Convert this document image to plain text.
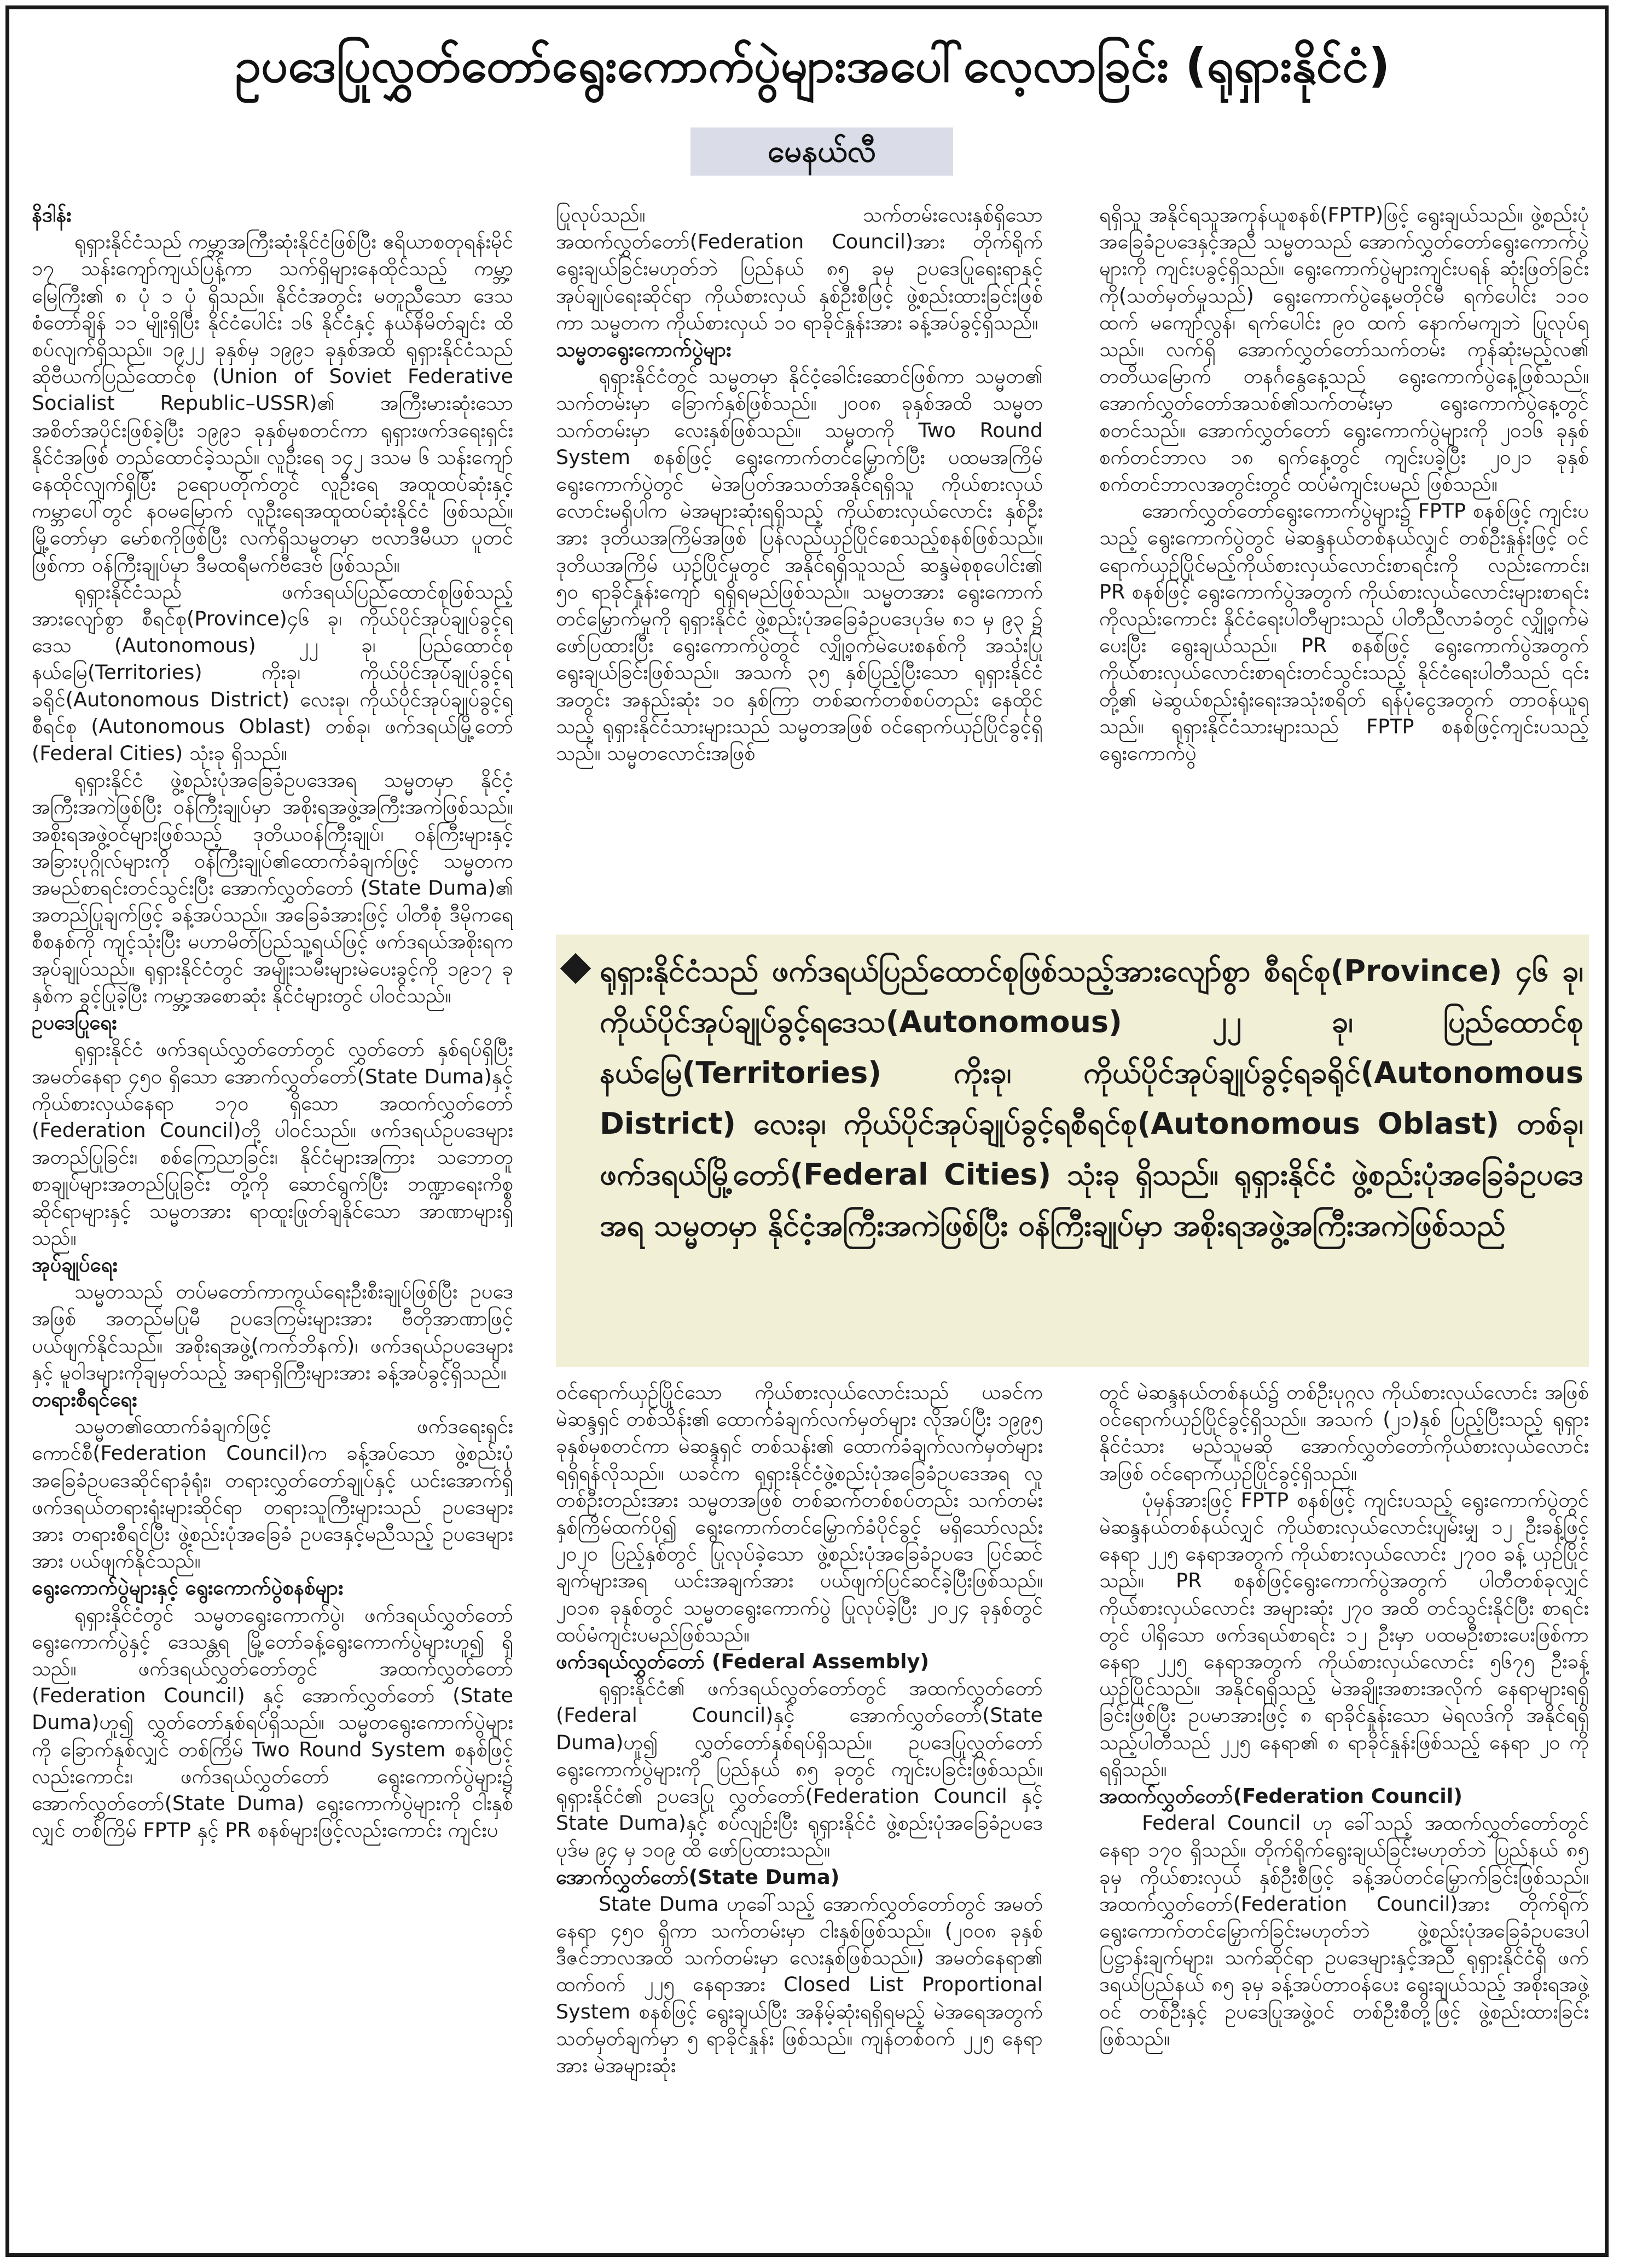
ဥပဒေပြုလွှတ်တော်ရွေးကောက်ပွဲများအပေါ်လေ့လာခြင်း (ရုရှားနိုင်ငံ)
မေနယ်လီ
နိဒါန်း

ရုရှားနိုင်ငံသည် ကမ္ဘာ့အကြီးဆုံးနိုင်ငံဖြစ်ပြီး ဧရိယာစတုရန်းမိုင် ၁၇ သန်းကျော်ကျယ်ပြန့်ကာ သက်ရှိများနေထိုင်သည့် ကမ္ဘာ့မြေကြီး၏ ၈ ပုံ ၁ ပုံ ရှိသည်။ နိုင်ငံအတွင်း မတူညီသော ဒေသစံတော်ချိန် ၁၁ မျိုးရှိပြီး နိုင်ငံပေါင်း ၁၆ နိုင်ငံနှင့် နယ်နိမိတ်ချင်း ထိစပ်လျက်ရှိသည်။ ၁၉၂၂ ခုနှစ်မှ ၁၉၉၁ ခုနှစ်အထိ ရုရှားနိုင်ငံသည် ဆိုဗီယက်ပြည်ထောင်စု (Union of Soviet Federative Socialist Republic–USSR)၏ အကြီးမားဆုံးသော အစိတ်အပိုင်းဖြစ်ခဲ့ပြီး ၁၉၉၁ ခုနှစ်မှစတင်ကာ ရုရှားဖက်ဒရေးရှင်းနိုင်ငံအဖြစ် တည်ထောင်ခဲ့သည်။ လူဦးရေ ၁၄၂ ဒသမ ၆ သန်းကျော် နေထိုင်လျက်ရှိပြီး ဥရောပတိုက်တွင် လူဦးရေ အထူထပ်ဆုံးနှင့် ကမ္ဘာပေါ်တွင် နဝမမြောက် လူဦးရေအထူထပ်ဆုံးနိုင်ငံ ဖြစ်သည်။ မြို့တော်မှာ မော်စကိုဖြစ်ပြီး လက်ရှိသမ္မတမှာ ဗလာဒီမီယာ ပူတင်ဖြစ်ကာ ဝန်ကြီးချုပ်မှာ ဒီမထရီမက်ဗီဒေဗ် ဖြစ်သည်။

ရုရှားနိုင်ငံသည် ဖက်ဒရယ်ပြည်ထောင်စုဖြစ်သည့် အားလျော်စွာ စီရင်စု(Province)၄၆ ခု၊ ကိုယ်ပိုင်အုပ်ချုပ်ခွင့်ရဒေသ (Autonomous) ၂၂ ခု၊ ပြည်ထောင်စုနယ်မြေ(Territories) ကိုးခု၊ ကိုယ်ပိုင်အုပ်ချုပ်ခွင့်ရ ခရိုင်(Autonomous District) လေးခု၊ ကိုယ်ပိုင်အုပ်ချုပ်ခွင့်ရစီရင်စု (Autonomous Oblast) တစ်ခု၊ ဖက်ဒရယ်မြို့တော် (Federal Cities) သုံးခု ရှိသည်။

ရုရှားနိုင်ငံ ဖွဲ့စည်းပုံအခြေခံဥပဒေအရ သမ္မတမှာ နိုင်ငံ့အကြီးအကဲဖြစ်ပြီး ဝန်ကြီးချုပ်မှာ အစိုးရအဖွဲ့အကြီးအကဲဖြစ်သည်။ အစိုးရအဖွဲ့ဝင်များဖြစ်သည့် ဒုတိယဝန်ကြီးချုပ်၊ ဝန်ကြီးများနှင့် အခြားပုဂ္ဂိုလ်များကို ဝန်ကြီးချုပ်၏ထောက်ခံချက်ဖြင့် သမ္မတက အမည်စာရင်းတင်သွင်းပြီး အောက်လွှတ်တော် (State Duma)၏ အတည်ပြုချက်ဖြင့် ခန့်အပ်သည်။ အခြေခံအားဖြင့် ပါတီစုံ ဒီမိုကရေစီစနစ်ကို ကျင့်သုံးပြီး မဟာမိတ်ပြည်သူ့ရယ်ဖြင့် ဖက်ဒရယ်အစိုးရက အုပ်ချုပ်သည်။ ရုရှားနိုင်ငံတွင် အမျိုးသမီးများမဲပေးခွင့်ကို ၁၉၁၇ ခုနှစ်က ခွင့်ပြုခဲ့ပြီး ကမ္ဘာ့အစောဆုံး နိုင်ငံများတွင် ပါဝင်သည်။

ဥပဒေပြုရေး

ရုရှားနိုင်ငံ ဖက်ဒရယ်လွှတ်တော်တွင် လွှတ်တော် နှစ်ရပ်ရှိပြီး အမတ်နေရာ ၄၅၀ ရှိသော အောက်လွှတ်တော်(State Duma)နှင့် ကိုယ်စားလှယ်နေရာ ၁၇၀ ရှိသော အထက်လွှတ်တော် (Federation Council)တို့ ပါဝင်သည်။ ဖက်ဒရယ်ဥပဒေများ အတည်ပြုခြင်း၊ စစ်ကြေညာခြင်း၊ နိုင်ငံများအကြား သဘောတူစာချုပ်များအတည်ပြုခြင်း တို့ကို ဆောင်ရွက်ပြီး ဘဏ္ဍာရေးကိစ္စဆိုင်ရာများနှင့် သမ္မတအား ရာထူးဖြုတ်ချနိုင်သော အာဏာများရှိသည်။

အုပ်ချုပ်ရေး

သမ္မတသည် တပ်မတော်ကာကွယ်ရေးဦးစီးချုပ်ဖြစ်ပြီး ဥပဒေအဖြစ် အတည်မပြုမီ ဥပဒေကြမ်းများအား ဗီတိုအာဏာဖြင့် ပယ်ဖျက်နိုင်သည်။ အစိုးရအဖွဲ့(ကက်ဘိနက်)၊ ဖက်ဒရယ်ဥပဒေများနှင့် မူဝါဒများကိုချမှတ်သည့် အရာရှိကြီးများအား ခန့်အပ်ခွင့်ရှိသည်။

တရားစီရင်ရေး

သမ္မတ၏ထောက်ခံချက်ဖြင့် ဖက်ဒရေးရှင်းကောင်စီ(Federation Council)က ခန့်အပ်သော ဖွဲ့စည်းပုံအခြေခံဥပဒေဆိုင်ရာခုံရုံး၊ တရားလွှတ်တော်ချုပ်နှင့် ယင်းအောက်ရှိ ဖက်ဒရယ်တရားရုံးများဆိုင်ရာ တရားသူကြီးများသည် ဥပဒေများအား တရားစီရင်ပြီး ဖွဲ့စည်းပုံအခြေခံ ဥပဒေနှင့်မညီသည့် ဥပဒေများအား ပယ်ဖျက်နိုင်သည်။

ရွေးကောက်ပွဲများနှင့် ရွေးကောက်ပွဲစနစ်များ

ရုရှားနိုင်ငံတွင် သမ္မတရွေးကောက်ပွဲ၊ ဖက်ဒရယ်လွှတ်တော် ရွေးကောက်ပွဲနှင့် ဒေသန္တရ မြို့တော်ခန့်ရွေးကောက်ပွဲများဟူ၍ ရှိသည်။ ဖက်ဒရယ်လွှတ်တော်တွင် အထက်လွှတ်တော် (Federation Council) နှင့် အောက်လွှတ်တော် (State Duma)ဟူ၍ လွှတ်တော်နှစ်ရပ်ရှိသည်။ သမ္မတရွေးကောက်ပွဲများကို ခြောက်နှစ်လျှင် တစ်ကြိမ် Two Round System စနစ်ဖြင့်လည်းကောင်း၊ ဖက်ဒရယ်လွှတ်တော် ရွေးကောက်ပွဲများ၌ အောက်လွှတ်တော်(State Duma) ရွေးကောက်ပွဲများကို ငါးနှစ်လျှင် တစ်ကြိမ် FPTP နှင့် PR စနစ်များဖြင့်လည်းကောင်း ကျင်းပ

ပြုလုပ်သည်။ သက်တမ်းလေးနှစ်ရှိသော အထက်လွှတ်တော်(Federation Council)အား တိုက်ရိုက်ရွေးချယ်ခြင်းမဟုတ်ဘဲ ပြည်နယ် ၈၅ ခုမှ ဥပဒေပြုရေးရာနှင့် အုပ်ချုပ်ရေးဆိုင်ရာ ကိုယ်စားလှယ် နှစ်ဦးစီဖြင့် ဖွဲ့စည်းထားခြင်းဖြစ်ကာ သမ္မတက ကိုယ်စားလှယ် ၁၀ ရာခိုင်နှုန်းအား ခန့်အပ်ခွင့်ရှိသည်။

သမ္မတရွေးကောက်ပွဲများ

ရုရှားနိုင်ငံတွင် သမ္မတမှာ နိုင်ငံ့ခေါင်းဆောင်ဖြစ်ကာ သမ္မတ၏ သက်တမ်းမှာ ခြောက်နှစ်ဖြစ်သည်။ ၂၀၀၈ ခုနှစ်အထိ သမ္မတသက်တမ်းမှာ လေးနှစ်ဖြစ်သည်။ သမ္မတကို Two Round System စနစ်ဖြင့် ရွေးကောက်တင်မြှောက်ပြီး ပထမအကြိမ် ရွေးကောက်ပွဲတွင် မဲအပြတ်အသတ်အနိုင်ရရှိသူ ကိုယ်စားလှယ်လောင်းမရှိပါက မဲအများဆုံးရရှိသည့် ကိုယ်စားလှယ်လောင်း နှစ်ဦးအား ဒုတိယအကြိမ်အဖြစ် ပြန်လည်ယှဉ်ပြိုင်စေသည့်စနစ်ဖြစ်သည်။ ဒုတိယအကြိမ် ယှဉ်ပြိုင်မှုတွင် အနိုင်ရရှိသူသည် ဆန္ဒမဲစုစုပေါင်း၏ ၅၀ ရာခိုင်နှုန်းကျော် ရရှိရမည်ဖြစ်သည်။ သမ္မတအား ရွေးကောက်တင်မြှောက်မှုကို ရုရှားနိုင်ငံ ဖွဲ့စည်းပုံအခြေခံဥပဒေပုဒ်မ ၈၁ မှ ၉၃ ၌ ဖော်ပြထားပြီး ရွေးကောက်ပွဲတွင် လျှို့ဝှက်မဲပေးစနစ်ကို အသုံးပြုရွေးချယ်ခြင်းဖြစ်သည်။ အသက် ၃၅ နှစ်ပြည့်ပြီးသော ရုရှားနိုင်ငံအတွင်း အနည်းဆုံး ၁၀ နှစ်ကြာ တစ်ဆက်တစ်စပ်တည်း နေထိုင်သည့် ရုရှားနိုင်ငံသားများသည် သမ္မတအဖြစ် ဝင်ရောက်ယှဉ်ပြိုင်ခွင့်ရှိသည်။ သမ္မတလောင်းအဖြစ်

ရရှိသူ အနိုင်ရသူအကုန်ယူစနစ်(FPTP)ဖြင့် ရွေးချယ်သည်။ ဖွဲ့စည်းပုံအခြေခံဥပဒေနှင့်အညီ သမ္မတသည် အောက်လွှတ်တော်ရွေးကောက်ပွဲများကို ကျင်းပခွင့်ရှိသည်။ ရွေးကောက်ပွဲများကျင်းပရန် ဆုံးဖြတ်ခြင်းကို(သတ်မှတ်မှုသည်) ရွေးကောက်ပွဲနေ့မတိုင်မီ ရက်ပေါင်း ၁၁၀ ထက် မကျော်လွန်၊ ရက်ပေါင်း ၉၀ ထက် နောက်မကျဘဲ ပြုလုပ်ရသည်။ လက်ရှိ အောက်လွှတ်တော်သက်တမ်း ကုန်ဆုံးမည့်လ၏ တတိယမြောက် တနင်္ဂနွေနေ့သည် ရွေးကောက်ပွဲနေ့ဖြစ်သည်။ အောက်လွှတ်တော်အသစ်၏သက်တမ်းမှာ ရွေးကောက်ပွဲနေ့တွင် စတင်သည်။ အောက်လွှတ်တော် ရွေးကောက်ပွဲများကို ၂၀၁၆ ခုနှစ် စက်တင်ဘာလ ၁၈ ရက်နေ့တွင် ကျင်းပခဲ့ပြီး ၂၀၂၁ ခုနှစ် စက်တင်ဘာလအတွင်းတွင် ထပ်မံကျင်းပမည် ဖြစ်သည်။

အောက်လွှတ်တော်ရွေးကောက်ပွဲများ၌ FPTP စနစ်ဖြင့် ကျင်းပသည့် ရွေးကောက်ပွဲတွင် မဲဆန္ဒနယ်တစ်နယ်လျှင် တစ်ဦးနှုန်းဖြင့် ဝင်ရောက်ယှဉ်ပြိုင်မည့်ကိုယ်စားလှယ်လောင်းစာရင်းကို လည်းကောင်း၊ PR စနစ်ဖြင့် ရွေးကောက်ပွဲအတွက် ကိုယ်စားလှယ်လောင်းများစာရင်းကိုလည်းကောင်း နိုင်ငံရေးပါတီများသည် ပါတီညီလာခံတွင် လျှို့ဝှက်မဲပေးပြီး ရွေးချယ်သည်။ PR စနစ်ဖြင့် ရွေးကောက်ပွဲအတွက် ကိုယ်စားလှယ်လောင်းစာရင်းတင်သွင်းသည့် နိုင်ငံရေးပါတီသည် ၎င်းတို့၏ မဲဆွယ်စည်းရုံးရေးအသုံးစရိတ် ရန်ပုံငွေအတွက် တာဝန်ယူရသည်။ ရုရှားနိုင်ငံသားများသည် FPTP စနစ်ဖြင့်ကျင်းပသည့် ရွေးကောက်ပွဲ

ရုရှားနိုင်ငံသည် ဖက်ဒရယ်ပြည်ထောင်စုဖြစ်သည့်အားလျော်စွာ စီရင်စု(Province) ၄၆ ခု၊ ကိုယ်ပိုင်အုပ်ချုပ်ခွင့်ရဒေသ(Autonomous) ၂၂ ခု၊ ပြည်ထောင်စုနယ်မြေ(Territories) ကိုးခု၊ ကိုယ်ပိုင်အုပ်ချုပ်ခွင့်ရခရိုင်(Autonomous District) လေးခု၊ ကိုယ်ပိုင်အုပ်ချုပ်ခွင့်ရစီရင်စု(Autonomous Oblast) တစ်ခု၊ ဖက်ဒရယ်မြို့တော်(Federal Cities) သုံးခု ရှိသည်။ ရုရှားနိုင်ငံ ဖွဲ့စည်းပုံအခြေခံဥပဒေအရ သမ္မတမှာ နိုင်ငံ့အကြီးအကဲဖြစ်ပြီး ဝန်ကြီးချုပ်မှာ အစိုးရအဖွဲ့အကြီးအကဲဖြစ်သည်

ဝင်ရောက်ယှဉ်ပြိုင်သော ကိုယ်စားလှယ်လောင်းသည် ယခင်က မဲဆန္ဒရှင် တစ်သိန်း၏ ထောက်ခံချက်လက်မှတ်များ လိုအပ်ပြီး ၁၉၉၅ ခုနှစ်မှစတင်ကာ မဲဆန္ဒရှင် တစ်သန်း၏ ထောက်ခံချက်လက်မှတ်များ ရရှိရန်လိုသည်။ ယခင်က ရုရှားနိုင်ငံဖွဲ့စည်းပုံအခြေခံဥပဒေအရ လူတစ်ဦးတည်းအား သမ္မတအဖြစ် တစ်ဆက်တစ်စပ်တည်း သက်တမ်း နှစ်ကြိမ်ထက်ပို၍ ရွေးကောက်တင်မြှောက်ခံပိုင်ခွင့် မရှိသော်လည်း ၂၀၂၀ ပြည့်နှစ်တွင် ပြုလုပ်ခဲ့သော ဖွဲ့စည်းပုံအခြေခံဥပဒေ ပြင်ဆင်ချက်များအရ ယင်းအချက်အား ပယ်ဖျက်ပြင်ဆင်ခဲ့ပြီးဖြစ်သည်။ ၂၀၁၈ ခုနှစ်တွင် သမ္မတရွေးကောက်ပွဲ ပြုလုပ်ခဲ့ပြီး ၂၀၂၄ ခုနှစ်တွင် ထပ်မံကျင်းပမည်ဖြစ်သည်။

ဖက်ဒရယ်လွှတ်တော် (Federal Assembly)

ရုရှားနိုင်ငံ၏ ဖက်ဒရယ်လွှတ်တော်တွင် အထက်လွှတ်တော် (Federal Council)နှင့် အောက်လွှတ်တော်(State Duma)ဟူ၍ လွှတ်တော်နှစ်ရပ်ရှိသည်။ ဥပဒေပြုလွှတ်တော် ရွေးကောက်ပွဲများကို ပြည်နယ် ၈၅ ခုတွင် ကျင်းပခြင်းဖြစ်သည်။ ရုရှားနိုင်ငံ၏ ဥပဒေပြု လွှတ်တော်(Federation Council နှင့် State Duma)နှင့် စပ်လျဉ်းပြီး ရုရှားနိုင်ငံ ဖွဲ့စည်းပုံအခြေခံဥပဒေပုဒ်မ ၉၄ မှ ၁၀၉ ထိ ဖော်ပြထားသည်။

အောက်လွှတ်တော်(State Duma)

State Duma ဟုခေါ်သည့် အောက်လွှတ်တော်တွင် အမတ်နေရာ ၄၅၀ ရှိကာ သက်တမ်းမှာ ငါးနှစ်ဖြစ်သည်။ (၂၀၀၈ ခုနှစ် ဒီဇင်ဘာလအထိ သက်တမ်းမှာ လေးနှစ်ဖြစ်သည်။) အမတ်နေရာ၏ ထက်ဝက် ၂၂၅ နေရာအား Closed List Proportional System စနစ်ဖြင့် ရွေးချယ်ပြီး အနိမ့်ဆုံးရရှိရမည့် မဲအရေအတွက် သတ်မှတ်ချက်မှာ ၅ ရာခိုင်နှုန်း ဖြစ်သည်။ ကျန်တစ်ဝက် ၂၂၅ နေရာအား မဲအများဆုံး

တွင် မဲဆန္ဒနယ်တစ်နယ်၌ တစ်ဦးပုဂ္ဂလ ကိုယ်စားလှယ်လောင်း အဖြစ် ဝင်ရောက်ယှဉ်ပြိုင်ခွင့်ရှိသည်။ အသက် (၂၁)နှစ် ပြည့်ပြီးသည့် ရုရှားနိုင်ငံသား မည်သူမဆို အောက်လွှတ်တော်ကိုယ်စားလှယ်လောင်း အဖြစ် ဝင်ရောက်ယှဉ်ပြိုင်ခွင့်ရှိသည်။

ပုံမှန်အားဖြင့် FPTP စနစ်ဖြင့် ကျင်းပသည့် ရွေးကောက်ပွဲတွင် မဲဆန္ဒနယ်တစ်နယ်လျှင် ကိုယ်စားလှယ်လောင်းပျမ်းမျှ ၁၂ ဦးခန့်ဖြင့် နေရာ ၂၂၅ နေရာအတွက် ကိုယ်စားလှယ်လောင်း ၂၇၀၀ ခန့် ယှဉ်ပြိုင်သည်။ PR စနစ်ဖြင့်ရွေးကောက်ပွဲအတွက် ပါတီတစ်ခုလျှင် ကိုယ်စားလှယ်လောင်း အများဆုံး ၂၇၀ အထိ တင်သွင်းနိုင်ပြီး စာရင်းတွင် ပါရှိသော ဖက်ဒရယ်စာရင်း ၁၂ ဦးမှာ ပထမဦးစားပေးဖြစ်ကာ နေရာ ၂၂၅ နေရာအတွက် ကိုယ်စားလှယ်လောင်း ၅၆၇၅ ဦးခန့် ယှဉ်ပြိုင်သည်။ အနိုင်ရရှိသည့် မဲအချိုးအစားအလိုက် နေရာများရရှိခြင်းဖြစ်ပြီး ဥပမာအားဖြင့် ၈ ရာခိုင်နှုန်းသော မဲရလဒ်ကို အနိုင်ရရှိသည့်ပါတီသည် ၂၂၅ နေရာ၏ ၈ ရာခိုင်နှုန်းဖြစ်သည့် နေရာ ၂၀ ကို ရရှိသည်။

အထက်လွှတ်တော်(Federation Council)

Federal Council ဟု ခေါ်သည့် အထက်လွှတ်တော်တွင် နေရာ ၁၇၀ ရှိသည်။ တိုက်ရိုက်ရွေးချယ်ခြင်းမဟုတ်ဘဲ ပြည်နယ် ၈၅ ခုမှ ကိုယ်စားလှယ် နှစ်ဦးစီဖြင့် ခန့်အပ်တင်မြှောက်ခြင်းဖြစ်သည်။ အထက်လွှတ်တော်(Federation Council)အား တိုက်ရိုက် ရွေးကောက်တင်မြှောက်ခြင်းမဟုတ်ဘဲ ဖွဲ့စည်းပုံအခြေခံဥပဒေပါ ပြဋ္ဌာန်းချက်များ၊ သက်ဆိုင်ရာ ဥပဒေများနှင့်အညီ ရုရှားနိုင်ငံရှိ ဖက်ဒရယ်ပြည်နယ် ၈၅ ခုမှ ခန့်အပ်တာဝန်ပေး ရွေးချယ်သည့် အစိုးရအဖွဲ့ဝင် တစ်ဦးနှင့် ဥပဒေပြုအဖွဲ့ဝင် တစ်ဦးစီတို့ဖြင့် ဖွဲ့စည်းထားခြင်းဖြစ်သည်။
